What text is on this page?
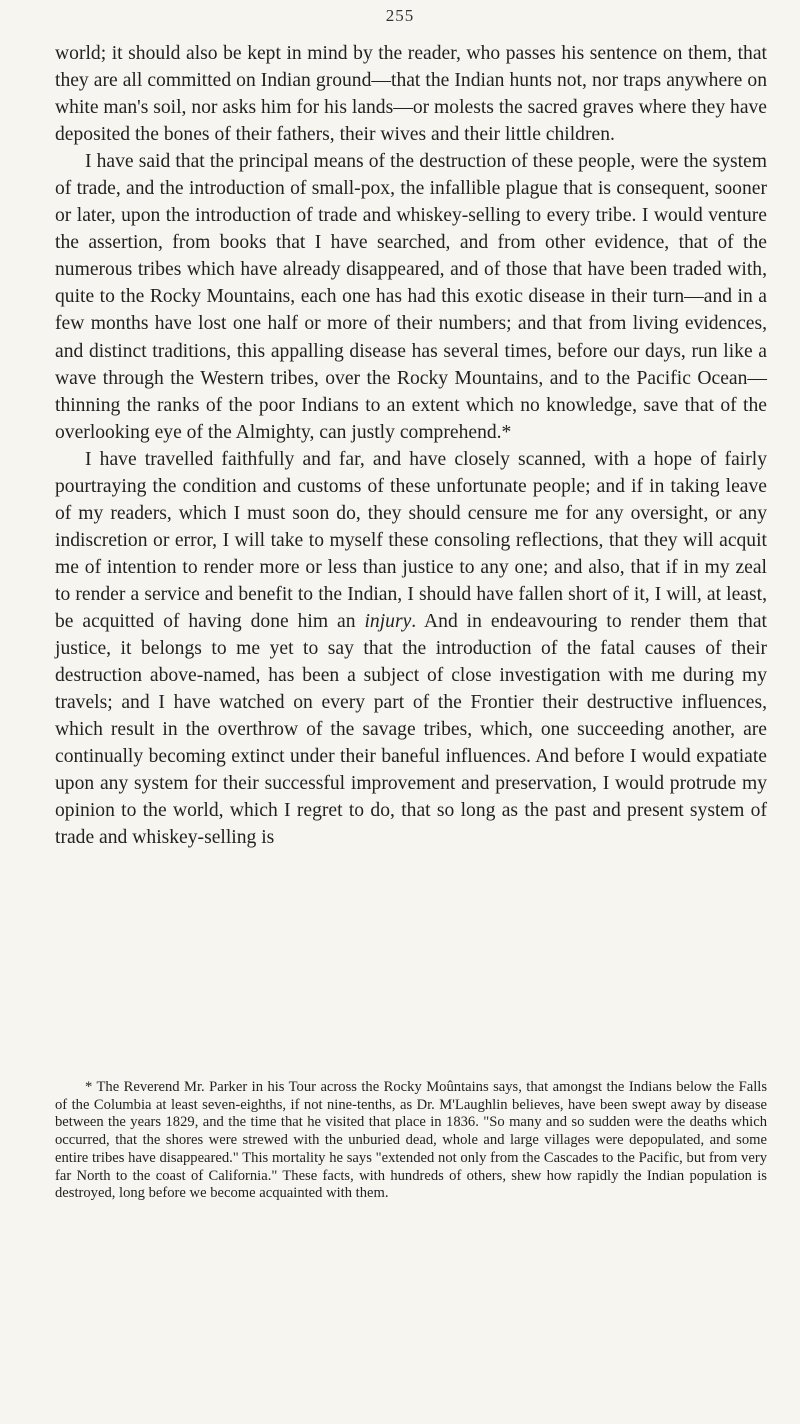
255

world; it should also be kept in mind by the reader, who passes his sentence on them, that they are all committed on Indian ground—that the Indian hunts not, nor traps anywhere on white man's soil, nor asks him for his lands—or molests the sacred graves where they have deposited the bones of their fathers, their wives and their little children.

I have said that the principal means of the destruction of these people, were the system of trade, and the introduction of small-pox, the infallible plague that is consequent, sooner or later, upon the introduction of trade and whiskey-selling to every tribe. I would venture the assertion, from books that I have searched, and from other evidence, that of the numerous tribes which have already disappeared, and of those that have been traded with, quite to the Rocky Mountains, each one has had this exotic disease in their turn—and in a few months have lost one half or more of their numbers; and that from living evidences, and distinct traditions, this appalling disease has several times, before our days, run like a wave through the Western tribes, over the Rocky Mountains, and to the Pacific Ocean—thinning the ranks of the poor Indians to an extent which no knowledge, save that of the overlooking eye of the Almighty, can justly comprehend.*

I have travelled faithfully and far, and have closely scanned, with a hope of fairly pourtraying the condition and customs of these unfortunate people; and if in taking leave of my readers, which I must soon do, they should censure me for any oversight, or any indiscretion or error, I will take to myself these consoling reflections, that they will acquit me of intention to render more or less than justice to any one; and also, that if in my zeal to render a service and benefit to the Indian, I should have fallen short of it, I will, at least, be acquitted of having done him an injury. And in endeavouring to render them that justice, it belongs to me yet to say that the introduction of the fatal causes of their destruction above-named, has been a subject of close investigation with me during my travels; and I have watched on every part of the Frontier their destructive influences, which result in the overthrow of the savage tribes, which, one succeeding another, are continually becoming extinct under their baneful influences. And before I would expatiate upon any system for their successful improvement and preservation, I would protrude my opinion to the world, which I regret to do, that so long as the past and present system of trade and whiskey-selling is

* The Reverend Mr. Parker in his Tour across the Rocky Moûntains says, that amongst the Indians below the Falls of the Columbia at least seven-eighths, if not nine-tenths, as Dr. M'Laughlin believes, have been swept away by disease between the years 1829, and the time that he visited that place in 1836. "So many and so sudden were the deaths which occurred, that the shores were strewed with the unburied dead, whole and large villages were depopulated, and some entire tribes have disappeared." This mortality he says "extended not only from the Cascades to the Pacific, but from very far North to the coast of California." These facts, with hundreds of others, shew how rapidly the Indian population is destroyed, long before we become acquainted with them.
